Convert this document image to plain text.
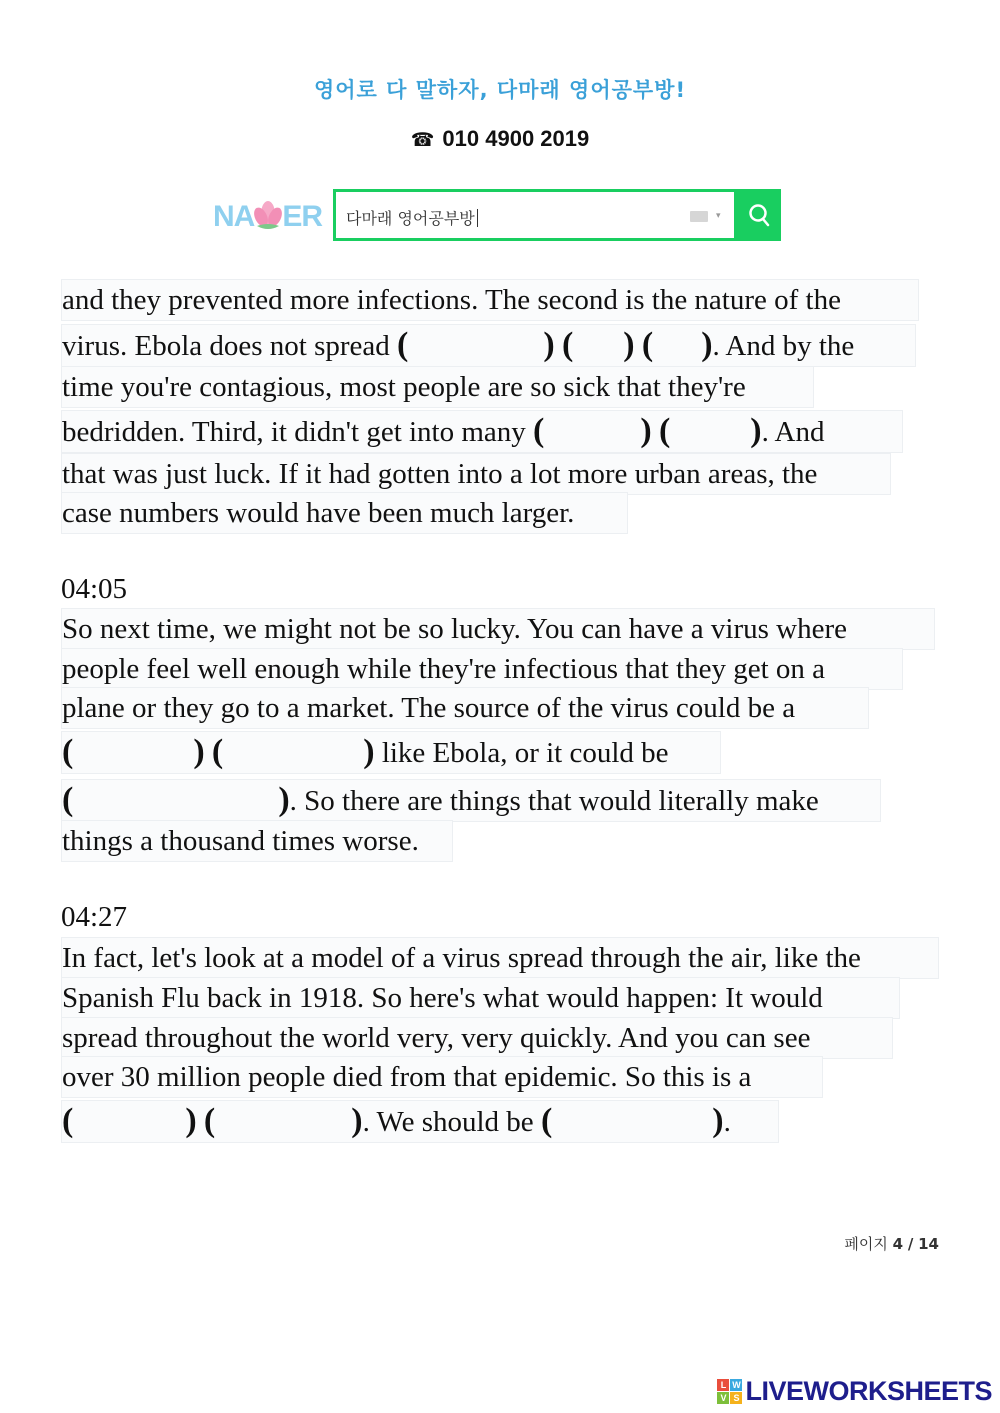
영어로 다 말하자, 다마래 영어공부방!
☎ 010 4900 2019
NA ER 다마래 영어공부방	▾
and they prevented more infections. The second is the nature of the
virus. Ebola does not spread (	) ( ) ( ). And by the
time you're contagious, most people are so sick that they're
bedridden. Third, it didn't get into many (	) ( ). And
that was just luck. If it had gotten into a lot more urban areas, the
case numbers would have been much larger.
04:05
So next time, we might not be so lucky. You can have a virus where
people feel well enough while they're infectious that they get on a
plane or they go to a market. The source of the virus could be a
(	) (	) like Ebola, or it could be
(	). So there are things that would literally make
things a thousand times worse.
04:27
In fact, let's look at a model of a virus spread through the air, like the
Spanish Flu back in 1918. So here's what would happen: It would
spread throughout the world very, very quickly. And you can see
over 30 million people died from that epidemic. So this is a
(	) (	). We should be (	).
페이지 4 / 14
L W
V S LIVEWORKSHEETS
